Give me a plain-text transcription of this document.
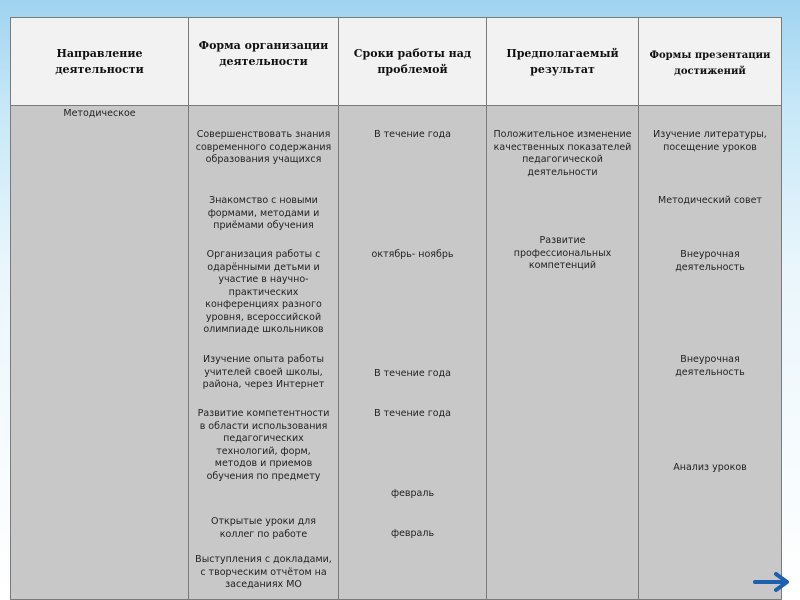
Направление деятельности
Форма организации деятельности
Сроки работы над проблемой
Предполагаемый результат
Формы презентации достижений
Методическое
Совершенствовать знания современного содержания образования учащихся
Знакомство с новыми формами, методами и приёмами обучения
Организация работы с одарёнными детьми и участие в научно-практических конференциях разного уровня, всероссийской олимпиаде школьников
Изучение опыта работы учителей своей школы, района, через Интернет
Развитие компетентности в области использования педагогических технологий, форм, методов и приемов обучения по предмету
Открытые уроки для коллег по работе
Выступления с докладами, с творческим отчётом на заседаниях МО
В течение года
октябрь- ноябрь
В течение года
В течение года
февраль
февраль
Положительное изменение качественных показателей педагогической деятельности
Развитие профессиональных компетенций
Изучение литературы, посещение уроков
Методический совет
Внеурочная деятельность
Внеурочная деятельность
Анализ уроков
